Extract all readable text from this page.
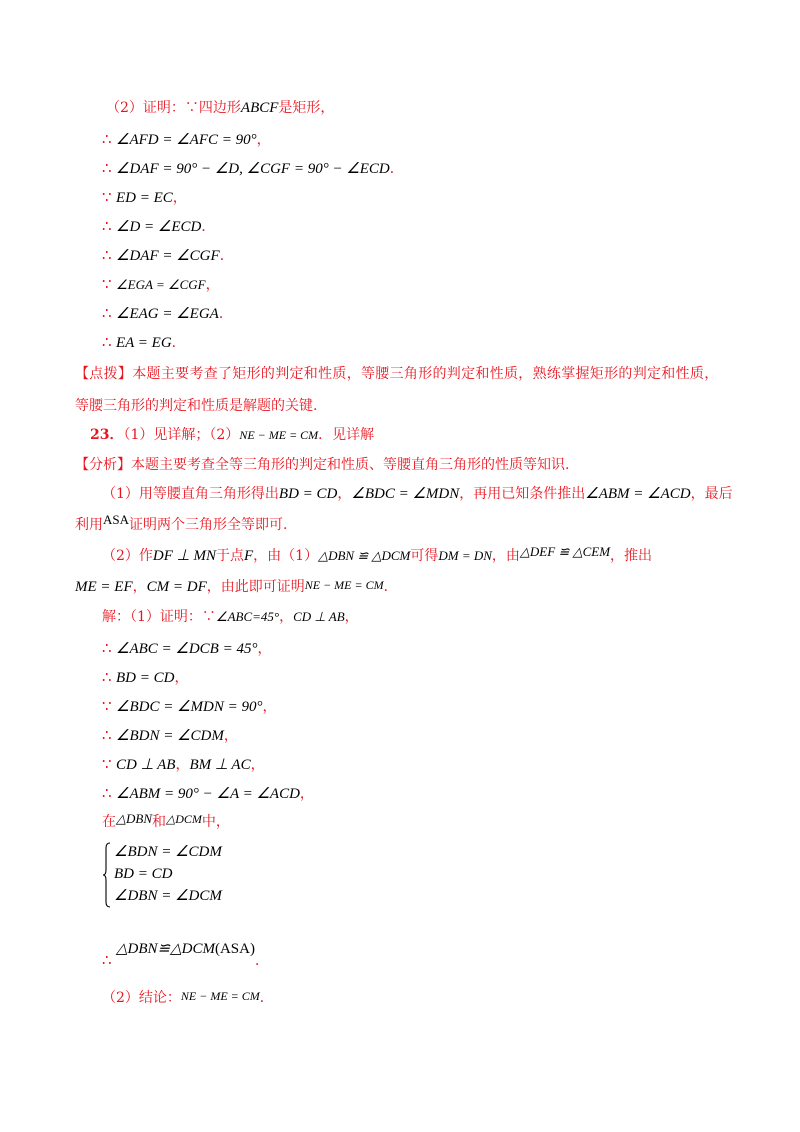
（2）证明：∵四边形ABCF是矩形，
∴ ∠AFD = ∠AFC = 90°，
∴ ∠DAF = 90° − ∠D, ∠CGF = 90° − ∠ECD．
∵ ED = EC，
∴ ∠D = ∠ECD．
∴ ∠DAF = ∠CGF．
∵ ∠EGA = ∠CGF，
∴ ∠EAG = ∠EGA．
∴ EA = EG．
【点拨】本题主要考查了矩形的判定和性质，等腰三角形的判定和性质，熟练掌握矩形的判定和性质，
等腰三角形的判定和性质是解题的关键.
23．（1）见详解；（2）NE − ME = CM．见详解
【分析】本题主要考查全等三角形的判定和性质、等腰直角三角形的性质等知识.
（1）用等腰直角三角形得出BD = CD，∠BDC = ∠MDN，再用已知条件推出∠ABM = ∠ACD，最后
利用ASA证明两个三角形全等即可.
（2）作DF ⊥ MN于点F，由（1）△DBN ≌ △DCM可得DM = DN，由△DEF ≌ △CEM，推出
ME = EF，CM = DF，由此即可证明NE − ME = CM．
解：（1）证明：∵∠ABC=45°，CD ⊥ AB，
∴ ∠ABC = ∠DCB = 45°，
∴ BD = CD，
∵ ∠BDC = ∠MDN = 90°，
∴ ∠BDN = ∠CDM，
∵ CD ⊥ AB，BM ⊥ AC，
∴ ∠ABM = 90° − ∠A = ∠ACD，
在△DBN和△DCM中，
∠BDN = ∠CDM
BD = CD
∠DBN = ∠DCM
∴△DBN≌△DCM(ASA)．
（2）结论：NE − ME = CM．
